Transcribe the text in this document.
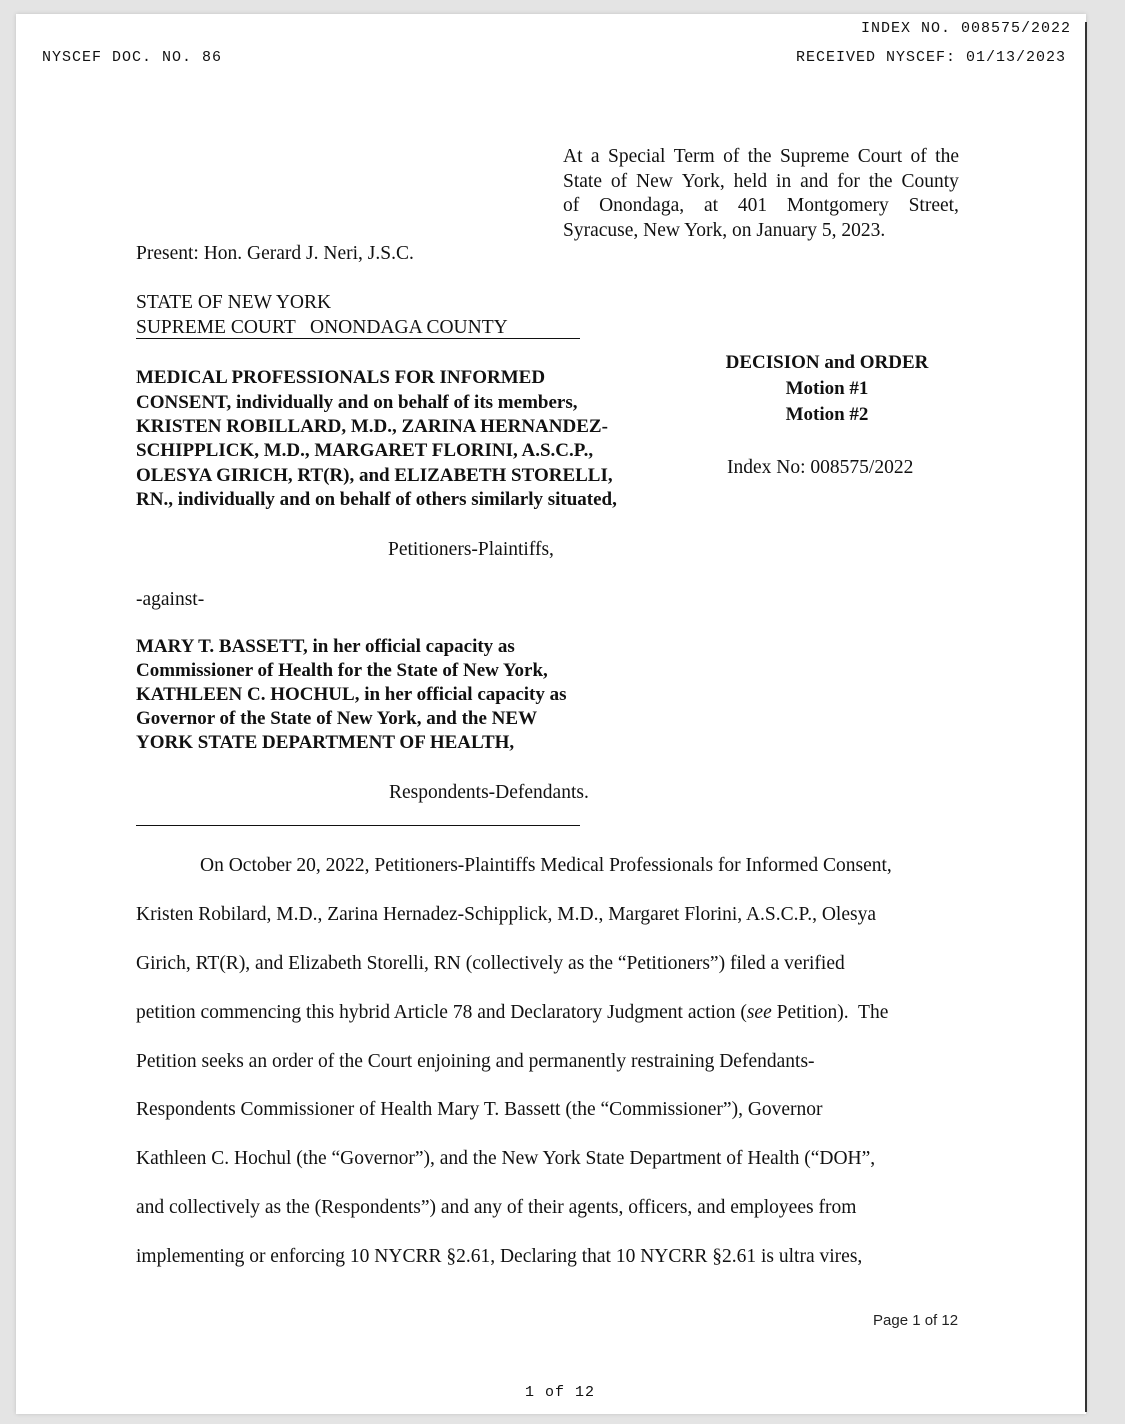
INDEX NO. 008575/2022
NYSCEF DOC. NO. 86	RECEIVED NYSCEF: 01/13/2023
At a Special Term of the Supreme Court of the
State of New York, held in and for the County
of Onondaga, at 401 Montgomery Street,
Syracuse, New York, on January 5, 2023.
Present: Hon. Gerard J. Neri, J.S.C.
STATE OF NEW YORK
SUPREME COURT   ONONDAGA COUNTY
MEDICAL PROFESSIONALS FOR INFORMED
CONSENT, individually and on behalf of its members,
KRISTEN ROBILLARD, M.D., ZARINA HERNANDEZ-
SCHIPPLICK, M.D., MARGARET FLORINI, A.S.C.P.,
OLESYA GIRICH, RT(R), and ELIZABETH STORELLI,
RN., individually and on behalf of others similarly situated,
Petitioners-Plaintiffs,
DECISION and ORDER
Motion #1
Motion #2
Index No: 008575/2022
-against-
MARY T. BASSETT, in her official capacity as
Commissioner of Health for the State of New York,
KATHLEEN C. HOCHUL, in her official capacity as
Governor of the State of New York, and the NEW
YORK STATE DEPARTMENT OF HEALTH,
Respondents-Defendants.
On October 20, 2022, Petitioners-Plaintiffs Medical Professionals for Informed Consent,
Kristen Robilard, M.D., Zarina Hernadez-Schipplick, M.D., Margaret Florini, A.S.C.P., Olesya
Girich, RT(R), and Elizabeth Storelli, RN (collectively as the “Petitioners”) filed a verified
petition commencing this hybrid Article 78 and Declaratory Judgment action (see Petition).  The
Petition seeks an order of the Court enjoining and permanently restraining Defendants-
Respondents Commissioner of Health Mary T. Bassett (the “Commissioner”), Governor
Kathleen C. Hochul (the “Governor”), and the New York State Department of Health (“DOH”,
and collectively as the (Respondents”) and any of their agents, officers, and employees from
implementing or enforcing 10 NYCRR §2.61, Declaring that 10 NYCRR §2.61 is ultra vires,
Page 1 of 12
1 of 12
